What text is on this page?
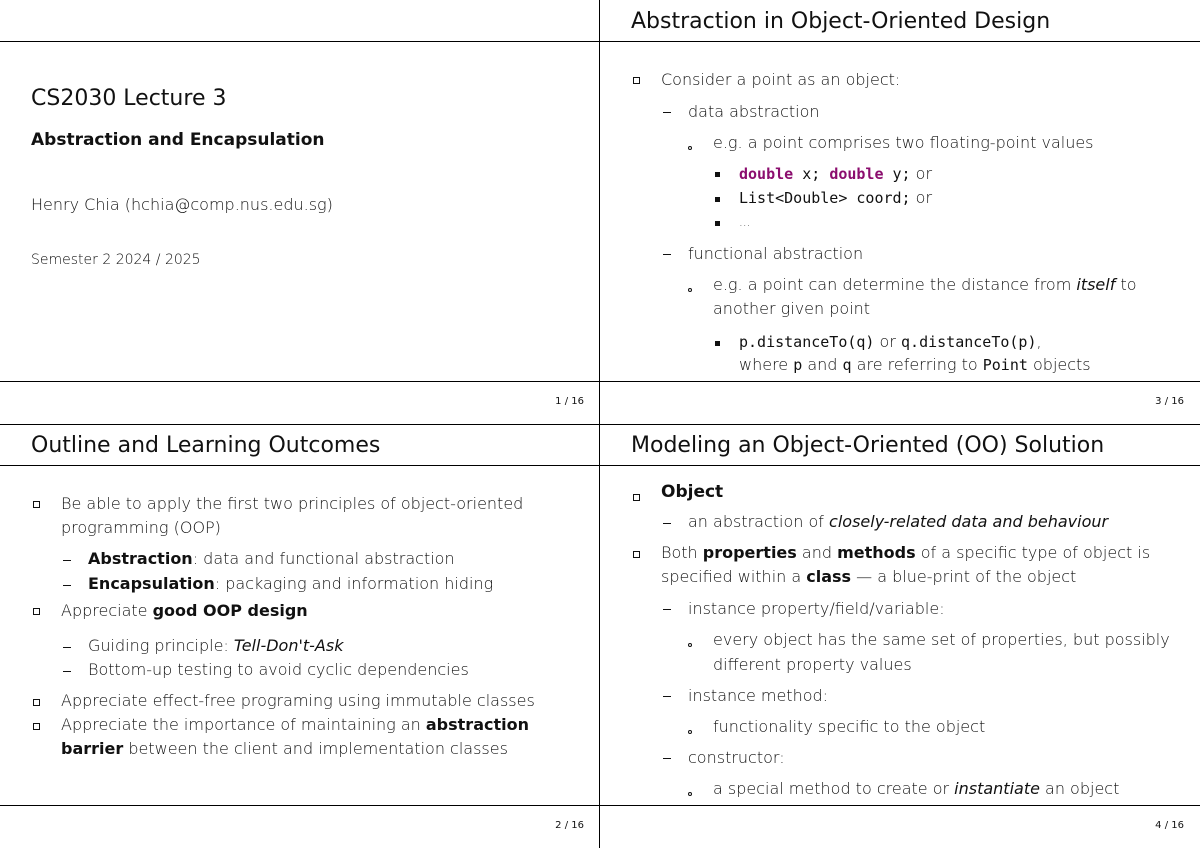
CS2030 Lecture 3
Abstraction and Encapsulation
Henry Chia (hchia@comp.nus.edu.sg)
Semester 2 2024 / 2025
1 / 16
Abstraction in Object-Oriented Design
Consider a point as an object:
data abstraction
e.g. a point comprises two floating-point values
double x; double y; or
List<Double> coord; or
...
functional abstraction
e.g. a point can determine the distance from itself to
another given point
p.distanceTo(q) or q.distanceTo(p),
where p and q are referring to Point objects
3 / 16
Outline and Learning Outcomes
Be able to apply the first two principles of object-oriented
programming (OOP)
Abstraction: data and functional abstraction
Encapsulation: packaging and information hiding
Appreciate good OOP design
Guiding principle: Tell-Don't-Ask
Bottom-up testing to avoid cyclic dependencies
Appreciate effect-free programing using immutable classes
Appreciate the importance of maintaining an abstraction
barrier between the client and implementation classes
2 / 16
Modeling an Object-Oriented (OO) Solution
Object
an abstraction of closely-related data and behaviour
Both properties and methods of a specific type of object is
specified within a class — a blue-print of the object
instance property/field/variable:
every object has the same set of properties, but possibly
different property values
instance method:
functionality specific to the object
constructor:
a special method to create or instantiate an object
4 / 16
